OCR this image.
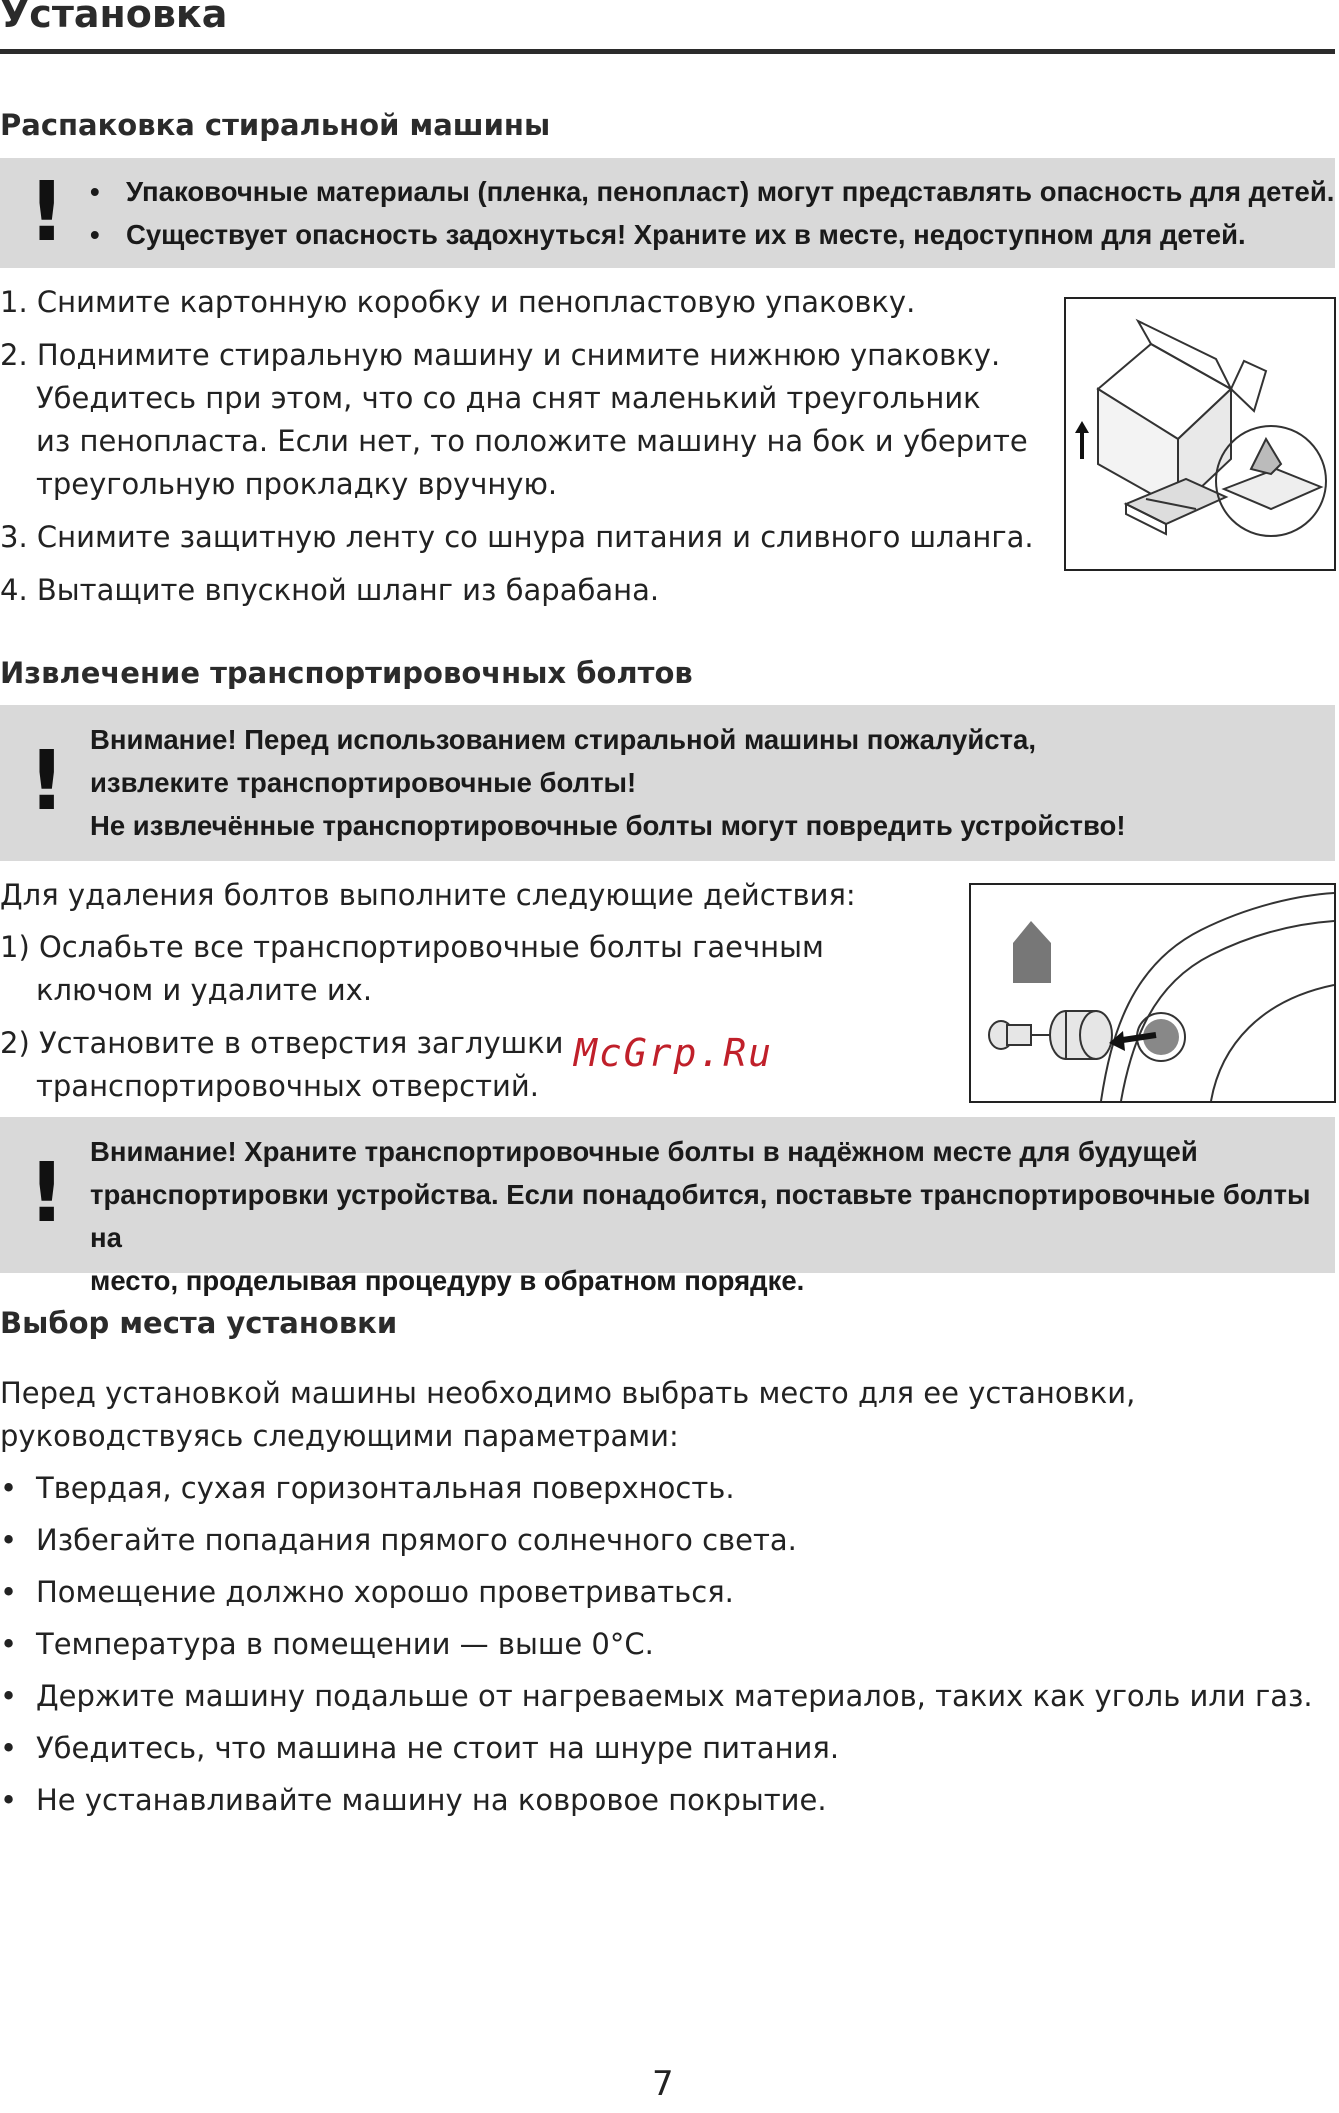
Установка
Распаковка стиральной машины
!
•	Упаковочные материалы (пленка, пенопласт) могут представлять опасность для детей.
• Существует опасность задохнуться! Храните их в месте, недоступном для детей.
1. Снимите картонную коробку и пенопластовую упаковку.
2. Поднимите стиральную машину и снимите нижнюю упаковку.
Убедитесь при этом, что со дна снят маленький треугольник
из пенопласта. Если нет, то положите машину на бок и уберите
треугольную прокладку вручную.
3. Снимите защитную ленту со шнура питания и сливного шланга.
4. Вытащите впускной шланг из барабана.
Извлечение транспортировочных болтов
! Внимание! Перед использованием стиральной машины пожалуйста,
извлеките транспортировочные болты!
Не извлечённые транспортировочные болты могут повредить устройство!
Для удаления болтов выполните следующие действия:
1) Ослабьте все транспортировочные болты гаечным
ключом и удалите их.
2) Установите в отверстия заглушки
транспортировочных отверстий.
McGrp.Ru
! Внимание! Храните транспортировочные болты в надёжном месте для будущей
транспортировки устройства. Если понадобится, поставьте транспортировочные болты на
место, проделывая процедуру в обратном порядке.
Выбор места установки
Перед установкой машины необходимо выбрать место для ее установки,
руководствуясь следующими параметрами:
• Твердая, сухая горизонтальная поверхность.
• Избегайте попадания прямого солнечного света.
• Помещение должно хорошо проветриваться.
• Температура в помещении — выше 0°C.
• Держите машину подальше от нагреваемых материалов, таких как уголь или газ.
• Убедитесь, что машина не стоит на шнуре питания.
• Не устанавливайте машину на ковровое покрытие.
7
